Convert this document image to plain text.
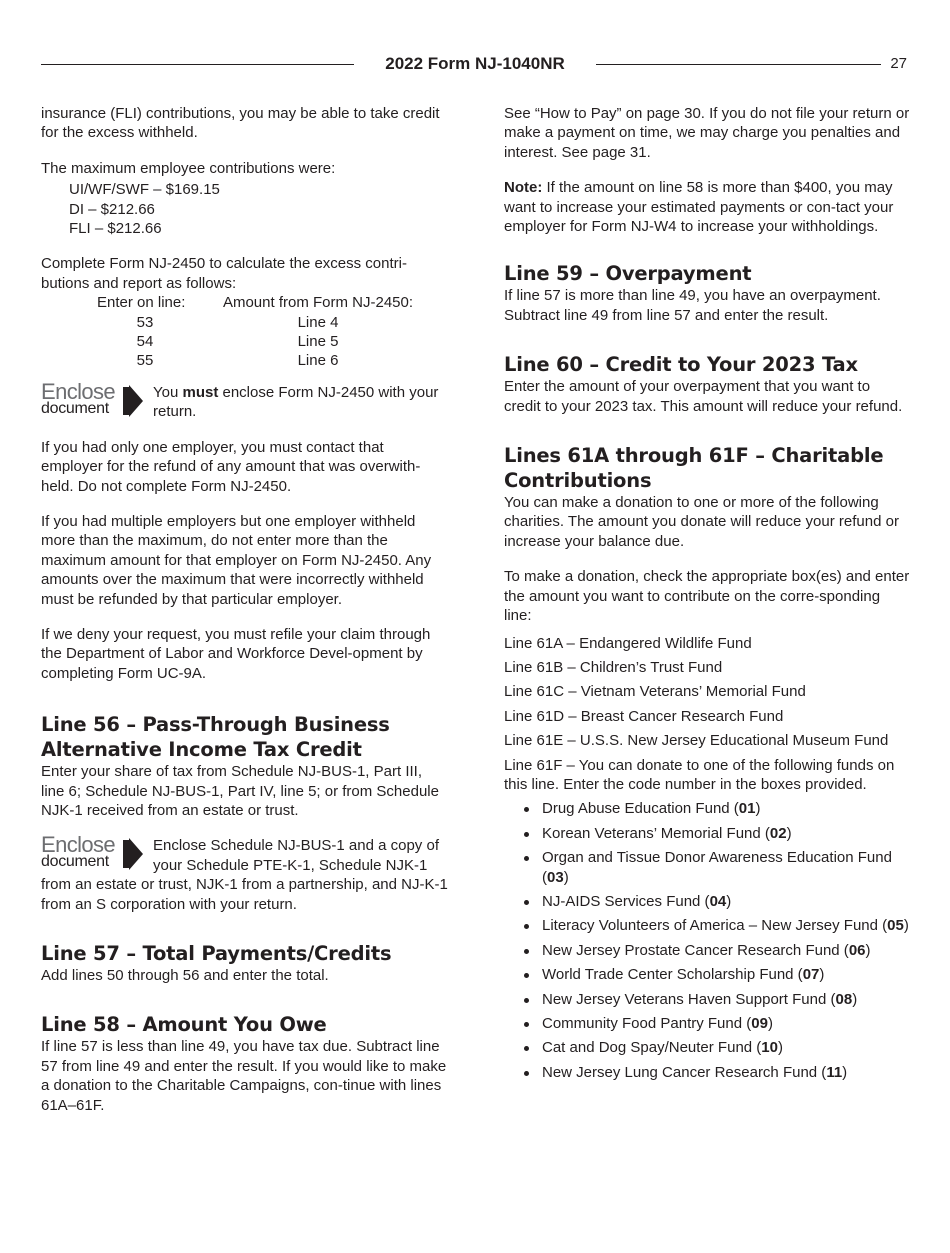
2022 Form NJ-1040NR	27

insurance (FLI) contributions, you may be able to take credit for the excess withheld.

The maximum employee contributions were:

UI/WF/SWF – $169.15
DI – $212.66
FLI – $212.66

Complete Form NJ-2450 to calculate the excess contri-butions and report as follows:

Enter on line:	Amount from Form NJ-2450:
53	Line 4
54	Line 5
55	Line 6
Enclose
document
You must enclose Form NJ-2450 with your return.

If you had only one employer, you must contact that employer for the refund of any amount that was overwith-held. Do not complete Form NJ-2450.

If you had multiple employers but one employer withheld more than the maximum, do not enter more than the maximum amount for that employer on Form NJ-2450. Any amounts over the maximum that were incorrectly withheld must be refunded by that particular employer.

If we deny your request, you must refile your claim through the Department of Labor and Workforce Devel-opment by completing Form UC-9A.

Line 56 – Pass-Through Business Alternative Income Tax Credit

Enter your share of tax from Schedule NJ-BUS-1, Part III, line 6; Schedule NJ-BUS-1, Part IV, line 5; or from Schedule NJK-1 received from an estate or trust.

Enclose
document
Enclose Schedule NJ-BUS-1 and a copy of your Schedule PTE-K-1, Schedule NJK-1 from an estate or trust, NJK-1 from a partnership, and NJ-K-1 from an S corporation with your return.
Line 57 – Total Payments/Credits

Add lines 50 through 56 and enter the total.

Line 58 – Amount You Owe

If line 57 is less than line 49, you have tax due. Subtract line 57 from line 49 and enter the result. If you would like to make a donation to the Charitable Campaigns, con-tinue with lines 61A–61F.

See “How to Pay” on page 30. If you do not file your return or make a payment on time, we may charge you penalties and interest. See page 31.

Note: If the amount on line 58 is more than $400, you may want to increase your estimated payments or con-tact your employer for Form NJ-W4 to increase your withholdings.

Line 59 – Overpayment

If line 57 is more than line 49, you have an overpayment. Subtract line 49 from line 57 and enter the result.

Line 60 – Credit to Your 2023 Tax

Enter the amount of your overpayment that you want to credit to your 2023 tax. This amount will reduce your refund.

Lines 61A through 61F – Charitable Contributions

You can make a donation to one or more of the following charities. The amount you donate will reduce your refund or increase your balance due.

To make a donation, check the appropriate box(es) and enter the amount you want to contribute on the corre-sponding line:

Line 61A – Endangered Wildlife Fund
Line 61B – Children’s Trust Fund
Line 61C – Vietnam Veterans’ Memorial Fund
Line 61D – Breast Cancer Research Fund
Line 61E – U.S.S. New Jersey Educational Museum Fund
Line 61F – You can donate to one of the following funds on this line. Enter the code number in the boxes provided.
Drug Abuse Education Fund (01)
Korean Veterans’ Memorial Fund (02)
Organ and Tissue Donor Awareness Education Fund (03)
NJ-AIDS Services Fund (04)
Literacy Volunteers of America – New Jersey Fund (05)
New Jersey Prostate Cancer Research Fund (06)
World Trade Center Scholarship Fund (07)
New Jersey Veterans Haven Support Fund (08)
Community Food Pantry Fund (09)
Cat and Dog Spay/Neuter Fund (10)
New Jersey Lung Cancer Research Fund (11)
